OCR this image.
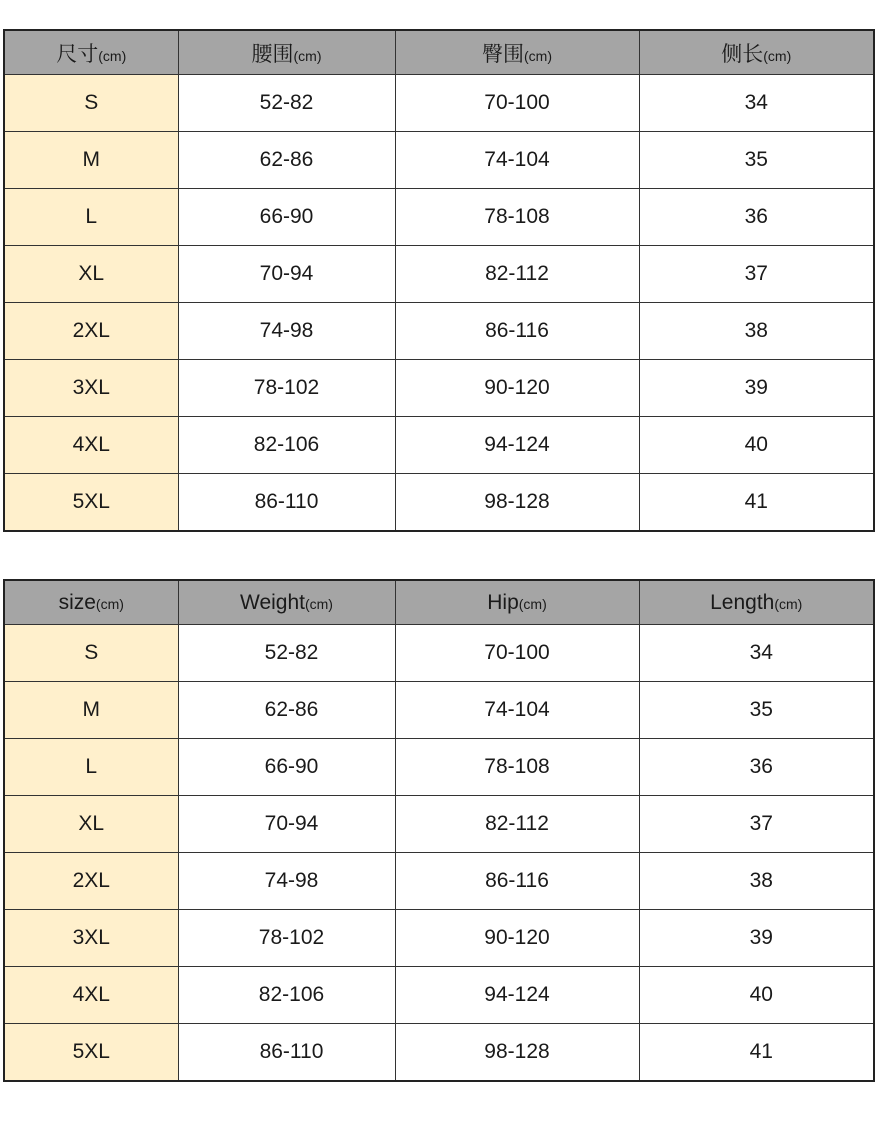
尺寸(cm)	腰围(cm)	臀围(cm)	侧长(cm)
S	52-82	70-100	34
M	62-86	74-104	35
L	66-90	78-108	36
XL	70-94	82-112	37
2XL	74-98	86-116	38
3XL	78-102	90-120	39
4XL	82-106	94-124	40
5XL	86-110	98-128	41
size(cm)	Weight(cm)	Hip(cm)	Length(cm)
S	52-82	70-100	34
M	62-86	74-104	35
L	66-90	78-108	36
XL	70-94	82-112	37
2XL	74-98	86-116	38
3XL	78-102	90-120	39
4XL	82-106	94-124	40
5XL	86-110	98-128	41
